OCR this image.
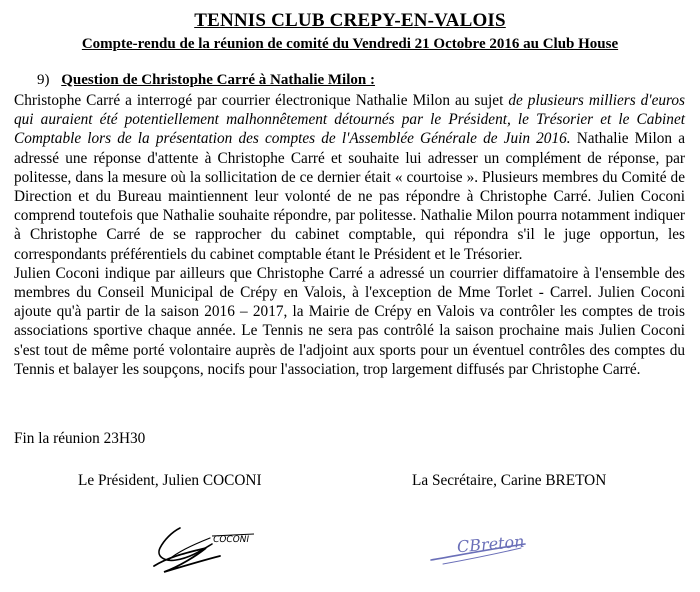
TENNIS CLUB CREPY-EN-VALOIS
Compte-rendu de la réunion de comité du Vendredi 21 Octobre 2016 au Club House
9) Question de Christophe Carré à Nathalie Milon :

Christophe Carré a interrogé par courrier électronique Nathalie Milon au sujet de plusieurs milliers d'euros qui auraient été potentiellement malhonnêtement détournés par le Président, le Trésorier et le Cabinet Comptable lors de la présentation des comptes de l'Assemblée Générale de Juin 2016. Nathalie Milon a adressé une réponse d'attente à Christophe Carré et souhaite lui adresser un complément de réponse, par politesse, dans la mesure où la sollicitation de ce dernier était « courtoise ». Plusieurs membres du Comité de Direction et du Bureau maintiennent leur volonté de ne pas répondre à Christophe Carré. Julien Coconi comprend toutefois que Nathalie souhaite répondre, par politesse. Nathalie Milon pourra notamment indiquer à Christophe Carré de se rapprocher du cabinet comptable, qui répondra s'il le juge opportun, les correspondants préférentiels du cabinet comptable étant le Président et le Trésorier.

Julien Coconi indique par ailleurs que Christophe Carré a adressé un courrier diffamatoire à l'ensemble des membres du Conseil Municipal de Crépy en Valois, à l'exception de Mme Torlet - Carrel. Julien Coconi ajoute qu'à partir de la saison 2016 – 2017, la Mairie de Crépy en Valois va contrôler les comptes de trois associations sportive chaque année. Le Tennis ne sera pas contrôlé la saison prochaine mais Julien Coconi s'est tout de même porté volontaire auprès de l'adjoint aux sports pour un éventuel contrôles des comptes du Tennis et balayer les soupçons, nocifs pour l'association, trop largement diffusés par Christophe Carré.

Fin la réunion 23H30
Le Président, Julien COCONI	La Secrétaire, Carine BRETON
COCONI	CBreton
